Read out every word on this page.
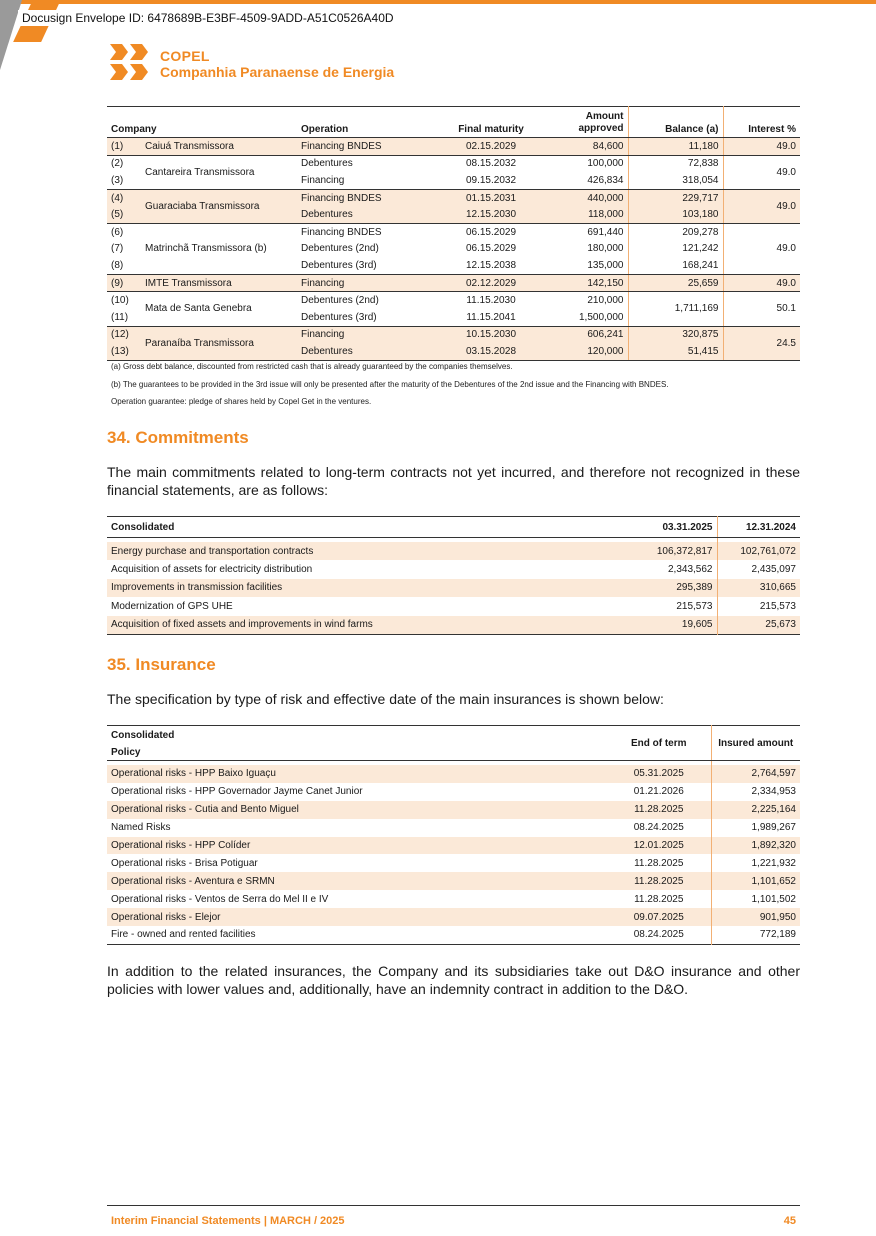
Docusign Envelope ID: 6478689B-E3BF-4509-9ADD-A51C0526A40D
COPEL
Companhia Paranaense de Energia
Company		Operation	Final maturity	Amount approved	Balance (a)	Interest %
(1)	Caiuá Transmissora	Financing BNDES	02.15.2029	84,600	11,180	49.0
(2)	Cantareira Transmissora	Debentures	08.15.2032	100,000	72,838	49.0
(3)		Financing	09.15.2032	426,834	318,054	
(4)	Guaraciaba Transmissora	Financing BNDES	01.15.2031	440,000	229,717	49.0
(5)		Debentures	12.15.2030	118,000	103,180	
(6)	Matrinchã Transmissora (b)	Financing BNDES	06.15.2029	691,440	209,278	49.0
(7)		Debentures (2nd)	06.15.2029	180,000	121,242	
(8)		Debentures (3rd)	12.15.2038	135,000	168,241	
(9)	IMTE Transmissora	Financing	02.12.2029	142,150	25,659	49.0
(10)	Mata de Santa Genebra	Debentures (2nd)	11.15.2030	210,000	1,711,169	50.1
(11)		Debentures (3rd)	11.15.2041	1,500,000		
(12)	Paranaíba Transmissora	Financing	10.15.2030	606,241	320,875	24.5
(13)		Debentures	03.15.2028	120,000	51,415	
(a) Gross debt balance, discounted from restricted cash that is already guaranteed by the companies themselves.
(b) The guarantees to be provided in the 3rd issue will only be presented after the maturity of the Debentures of the 2nd issue and the Financing with BNDES.
Operation guarantee: pledge of shares held by Copel Get in the ventures.
34. Commitments
The main commitments related to long-term contracts not yet incurred, and therefore not recognized in these financial statements, are as follows:
Consolidated	03.31.2025	12.31.2024

Energy purchase and transportation contracts	106,372,817	102,761,072
Acquisition of assets for electricity distribution	2,343,562	2,435,097
Improvements in transmission facilities	295,389	310,665
Modernization of GPS UHE	215,573	215,573
Acquisition of fixed assets and improvements in wind farms	19,605	25,673
35. Insurance
The specification by type of risk and effective date of the main insurances is shown below:
Consolidated	End of term	Insured amount
Policy		

Operational risks - HPP Baixo Iguaçu	05.31.2025	2,764,597
Operational risks - HPP Governador Jayme Canet Junior	01.21.2026	2,334,953
Operational risks - Cutia and Bento Miguel	11.28.2025	2,225,164
Named Risks	08.24.2025	1,989,267
Operational risks - HPP Colíder	12.01.2025	1,892,320
Operational risks - Brisa Potiguar	11.28.2025	1,221,932
Operational risks - Aventura e SRMN	11.28.2025	1,101,652
Operational risks - Ventos de Serra do Mel II e IV	11.28.2025	1,101,502
Operational risks - Elejor	09.07.2025	901,950
Fire - owned and rented facilities	08.24.2025	772,189
In addition to the related insurances, the Company and its subsidiaries take out D&O insurance and other policies with lower values and, additionally, have an indemnity contract in addition to the D&O.
Interim Financial Statements | MARCH / 2025	45
